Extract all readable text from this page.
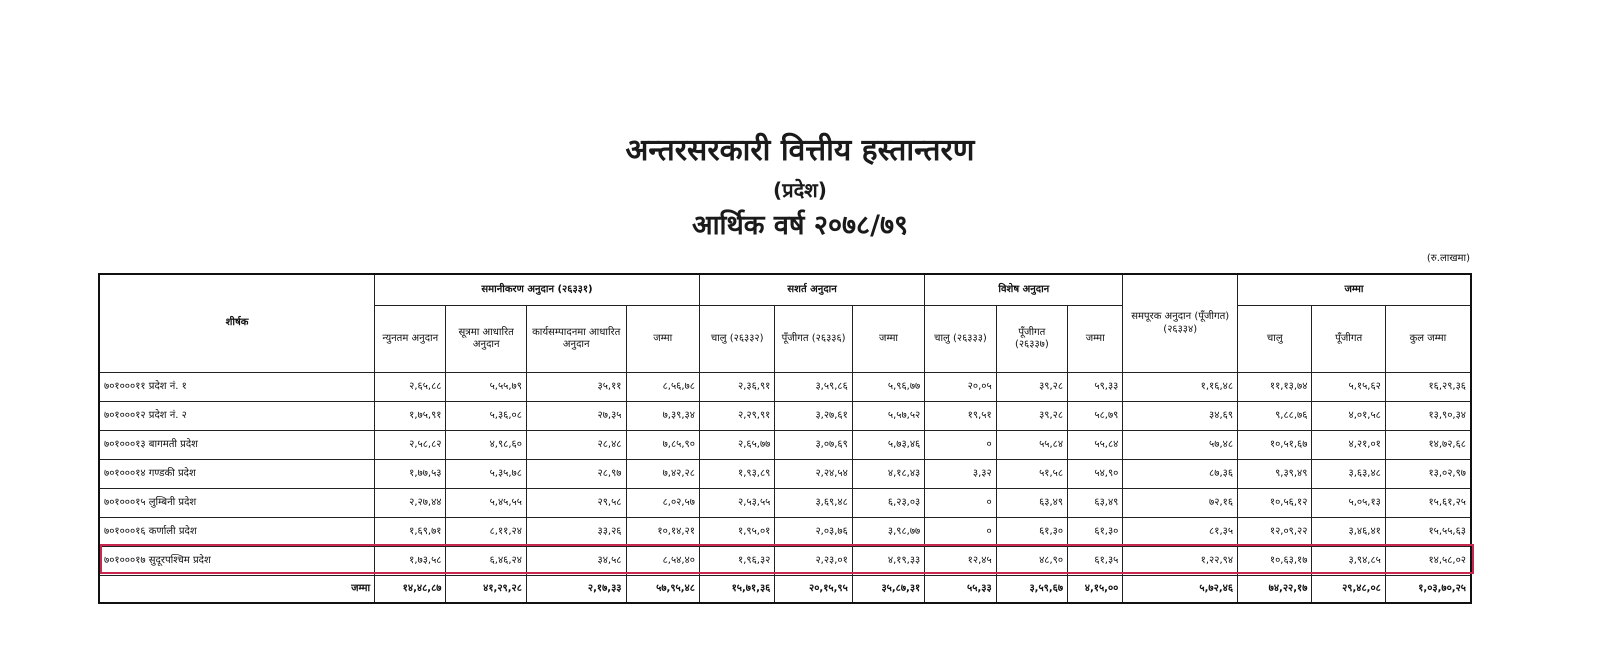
अन्तरसरकारी वित्तीय हस्तान्तरण
(प्रदेश)
आर्थिक वर्ष २०७८/७९
(रु.लाखमा)
शीर्षक	समानीकरण अनुदान (२६३३१)				सशर्त अनुदान			विशेष अनुदान			समपूरक अनुदान (पूँजीगत) (२६३३४)	जम्मा		
	न्युनतम अनुदान	सूत्रमा आधारित अनुदान	कार्यसम्पादनमा आधारित अनुदान	जम्मा	चालु (२६३३२)	पूँजीगत (२६३३६)	जम्मा	चालु (२६३३३)	पूँजीगत (२६३३७)	जम्मा		चालु	पूँजीगत	कुल जम्मा
७०१०००११ प्रदेश नं. १	२,६५,८८	५,५५,७९	३५,११	८,५६,७८	२,३६,९१	३,५९,८६	५,९६,७७	२०,०५	३९,२८	५९,३३	१,१६,४८	११,१३,७४	५,१५,६२	१६,२९,३६
७०१०००१२ प्रदेश नं. २	१,७५,९१	५,३६,०८	२७,३५	७,३९,३४	२,२९,९१	३,२७,६१	५,५७,५२	१९,५१	३९,२८	५८,७९	३४,६९	९,८८,७६	४,०१,५८	१३,९०,३४
७०१०००१३ बागमती प्रदेश	२,५८,८२	४,९८,६०	२८,४८	७,८५,९०	२,६५,७७	३,०७,६९	५,७३,४६	०	५५,८४	५५,८४	५७,४८	१०,५१,६७	४,२१,०१	१४,७२,६८
७०१०००१४ गण्डकी प्रदेश	१,७७,५३	५,३५,७८	२८,९७	७,४२,२८	१,९३,८९	२,२४,५४	४,१८,४३	३,३२	५१,५८	५४,९०	८७,३६	९,३९,४९	३,६३,४८	१३,०२,९७
७०१०००१५ लुम्बिनी प्रदेश	२,२७,४४	५,४५,५५	२९,५८	८,०२,५७	२,५३,५५	३,६९,४८	६,२३,०३	०	६३,४९	६३,४९	७२,१६	१०,५६,१२	५,०५,१३	१५,६१,२५
७०१०००१६ कर्णाली प्रदेश	१,६९,७१	८,११,२४	३३,२६	१०,१४,२१	१,९५,०१	२,०३,७६	३,९८,७७	०	६१,३०	६१,३०	८१,३५	१२,०९,२२	३,४६,४१	१५,५५,६३
७०१०००१७ सुदूरपश्चिम प्रदेश	१,७३,५८	६,४६,२४	३४,५८	८,५४,४०	१,९६,३२	२,२३,०१	४,१९,३३	१२,४५	४८,९०	६१,३५	१,२२,९४	१०,६३,१७	३,९४,८५	१४,५८,०२
जम्मा	१४,४८,८७	४१,२९,२८	२,१७,३३	५७,९५,४८	१५,७१,३६	२०,१५,९५	३५,८७,३१	५५,३३	३,५९,६७	४,१५,००	५,७२,४६	७४,२२,१७	२९,४८,०८	१,०३,७०,२५
